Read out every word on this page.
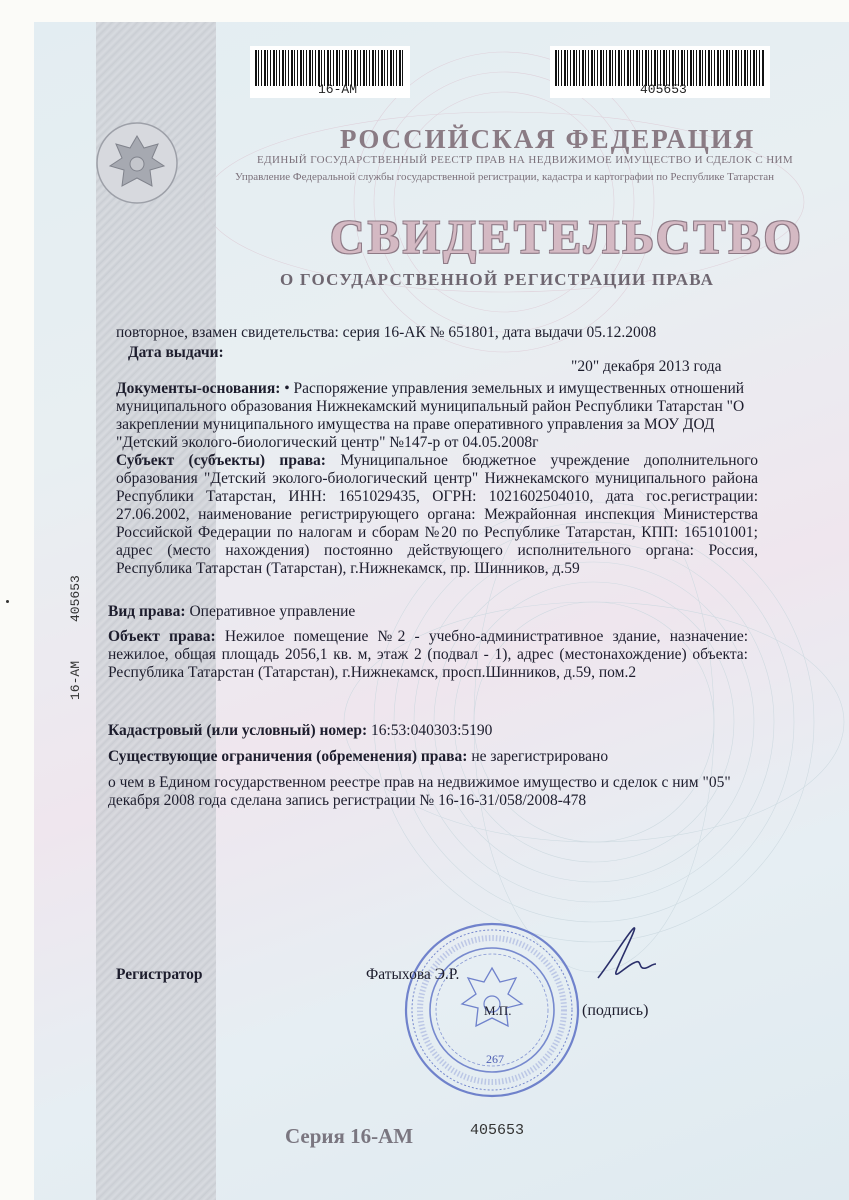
16-АМ	405653
РОССИЙСКАЯ ФЕДЕРАЦИЯ
ЕДИНЫЙ ГОСУДАРСТВЕННЫЙ РЕЕСТР ПРАВ НА НЕДВИЖИМОЕ ИМУЩЕСТВО И СДЕЛОК С НИМ
Управление Федеральной службы государственной регистрации, кадастра и картографии по Республике Татарстан
СВИДЕТЕЛЬСТВО
О ГОСУДАРСТВЕННОЙ РЕГИСТРАЦИИ ПРАВА
повторное, взамен свидетельства: серия 16-АК № 651801, дата выдачи 05.12.2008
Дата выдачи:
"20" декабря 2013 года
Документы-основания: • Распоряжение управления земельных и имущественных отношений муниципального образования Нижнекамский муниципальный район Республики Татарстан "О закреплении муниципального имущества на праве оперативного управления за МОУ ДОД "Детский эколого-биологический центр" №147-р от 04.05.2008г
Субъект (субъекты) права: Муниципальное бюджетное учреждение дополнительного образования "Детский эколого-биологический центр" Нижнекамского муниципального района Республики Татарстан, ИНН: 1651029435, ОГРН: 1021602504010, дата гос.регистрации: 27.06.2002, наименование регистрирующего органа: Межрайонная инспекция Министерства Российской Федерации по налогам и сборам №20 по Республике Татарстан, КПП: 165101001; адрес (место нахождения) постоянно действующего исполнительного органа: Россия, Республика Татарстан (Татарстан), г.Нижнекамск, пр. Шинников, д.59
Вид права: Оперативное управление
Объект права: Нежилое помещение №2 - учебно-административное здание, назначение: нежилое, общая площадь 2056,1 кв. м, этаж 2 (подвал - 1), адрес (местонахождение) объекта: Республика Татарстан (Татарстан), г.Нижнекамск, просп.Шинников, д.59, пом.2
Кадастровый (или условный) номер: 16:53:040303:5190
Существующие ограничения (обременения) права: не зарегистрировано
о чем в Едином государственном реестре прав на недвижимое имущество и сделок с ним "05" декабря 2008 года сделана запись регистрации № 16-16-31/058/2008-478
16-АМ
405653
267
Регистратор	Фатыхова Э.Р.
М.П.	(подпись)
Серия 16-АМ	405653
